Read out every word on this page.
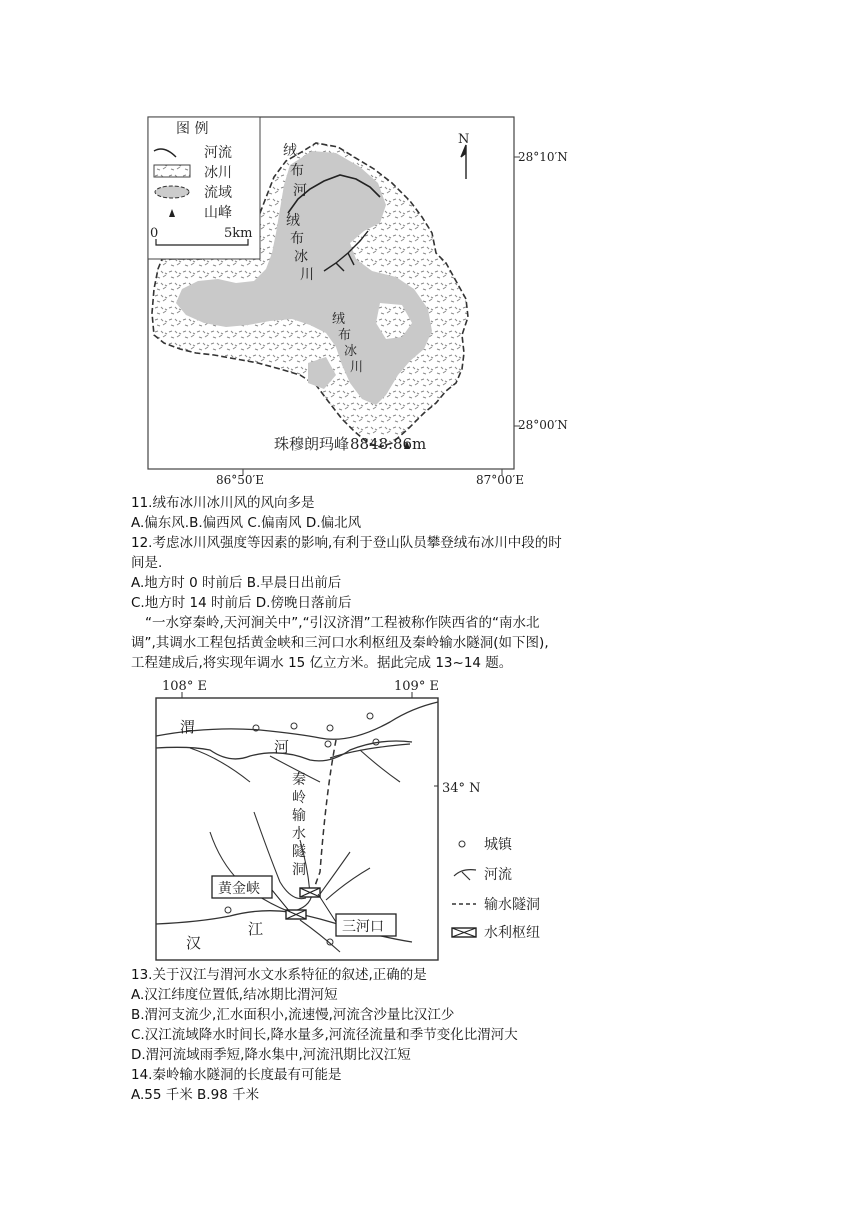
图 例
河流
冰川
流域
山峰
0	5km
N
绒
布
河
绒
布
冰
川
绒
布
冰
川
28°10′N
28°00′N
86°50′E	87°00′E
珠穆朗玛峰 8848.86m
11.绒布冰川冰川风的风向多是
A.偏东风.B.偏西风 C.偏南风 D.偏北风
12.考虑冰川风强度等因素的影响,有利于登山队员攀登绒布冰川中段的时
间是.
A.地方时 0 时前后 B.早晨日出前后
C.地方时 14 时前后 D.傍晚日落前后
“一水穿秦岭,天河涧关中”,“引汉济渭”工程被称作陕西省的“南水北
调”,其调水工程包括黄金峡和三河口水利枢纽及秦岭输水隧洞(如下图),
工程建成后,将实现年调水 15 亿立方米。据此完成 13~14 题。
108° E	109° E
34° N
渭
河
秦
岭
输
水
隧
洞
黄金峡
三河口
汉
江
城镇
河流
输水隧洞
水利枢纽
13.关于汉江与渭河水文水系特征的叙述,正确的是
A.汉江纬度位置低,结冰期比渭河短
B.渭河支流少,汇水面积小,流速慢,河流含沙量比汉江少
C.汉江流域降水时间长,降水量多,河流径流量和季节变化比渭河大
D.渭河流域雨季短,降水集中,河流汛期比汉江短
14.秦岭输水隧洞的长度最有可能是
A.55 千米 B.98 千米
